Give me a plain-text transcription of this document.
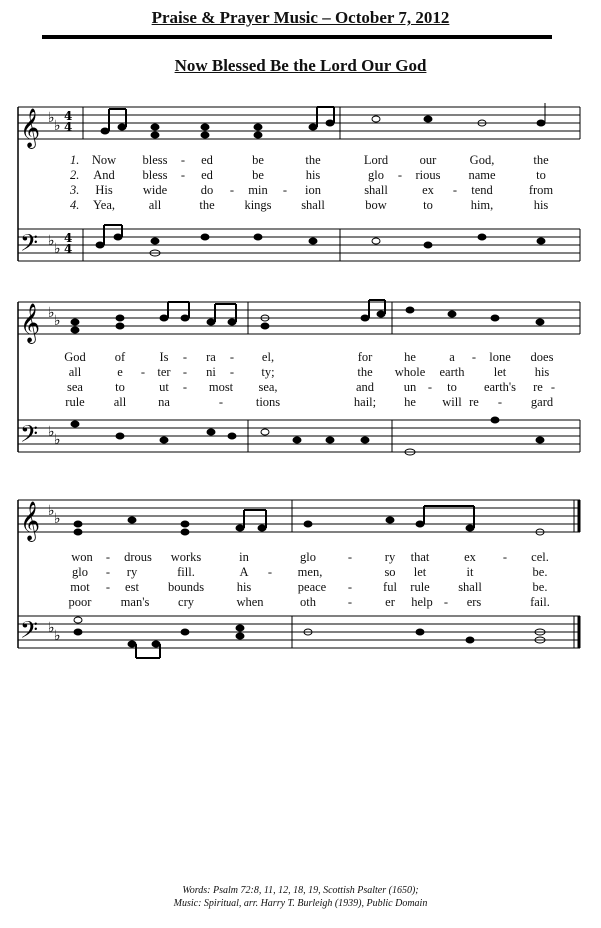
Praise & Prayer Music – October 7, 2012
Now Blessed Be the Lord Our God
𝄞
𝄢
♭ ♭
♭ ♭
4
4
4
4
1. Now bless - ed	be	the	Lord	our	God,	the
2. And bless - ed	be	his	glo - rious name	to
3. His wide	do - min - ion	shall	ex - tend	from
4. Yea,	all	the kings shall	bow	to	him,	his
𝄞
𝄢
♭ ♭
♭ ♭
God of	Is - ra - el,	for	he	a - lone does
all	e - ter - ni - ty;	the whole earth let his
sea	to	ut - most sea,	and un - to earth's re -
rule all	na	-	tions	hail; he will re - gard
𝄞
𝄢
♭ ♭
♭ ♭
won - drous works	in	glo	-	ry that	ex - cel.
glo - ry	fill.	A - men,	so let	it	be.
mot - est bounds	his	peace - ful rule shall	be.
poor man's cry	when	oth	-	er help - ers	fail.
Words: Psalm 72:8, 11, 12, 18, 19, Scottish Psalter (1650);
Music: Spiritual, arr. Harry T. Burleigh (1939), Public Domain
